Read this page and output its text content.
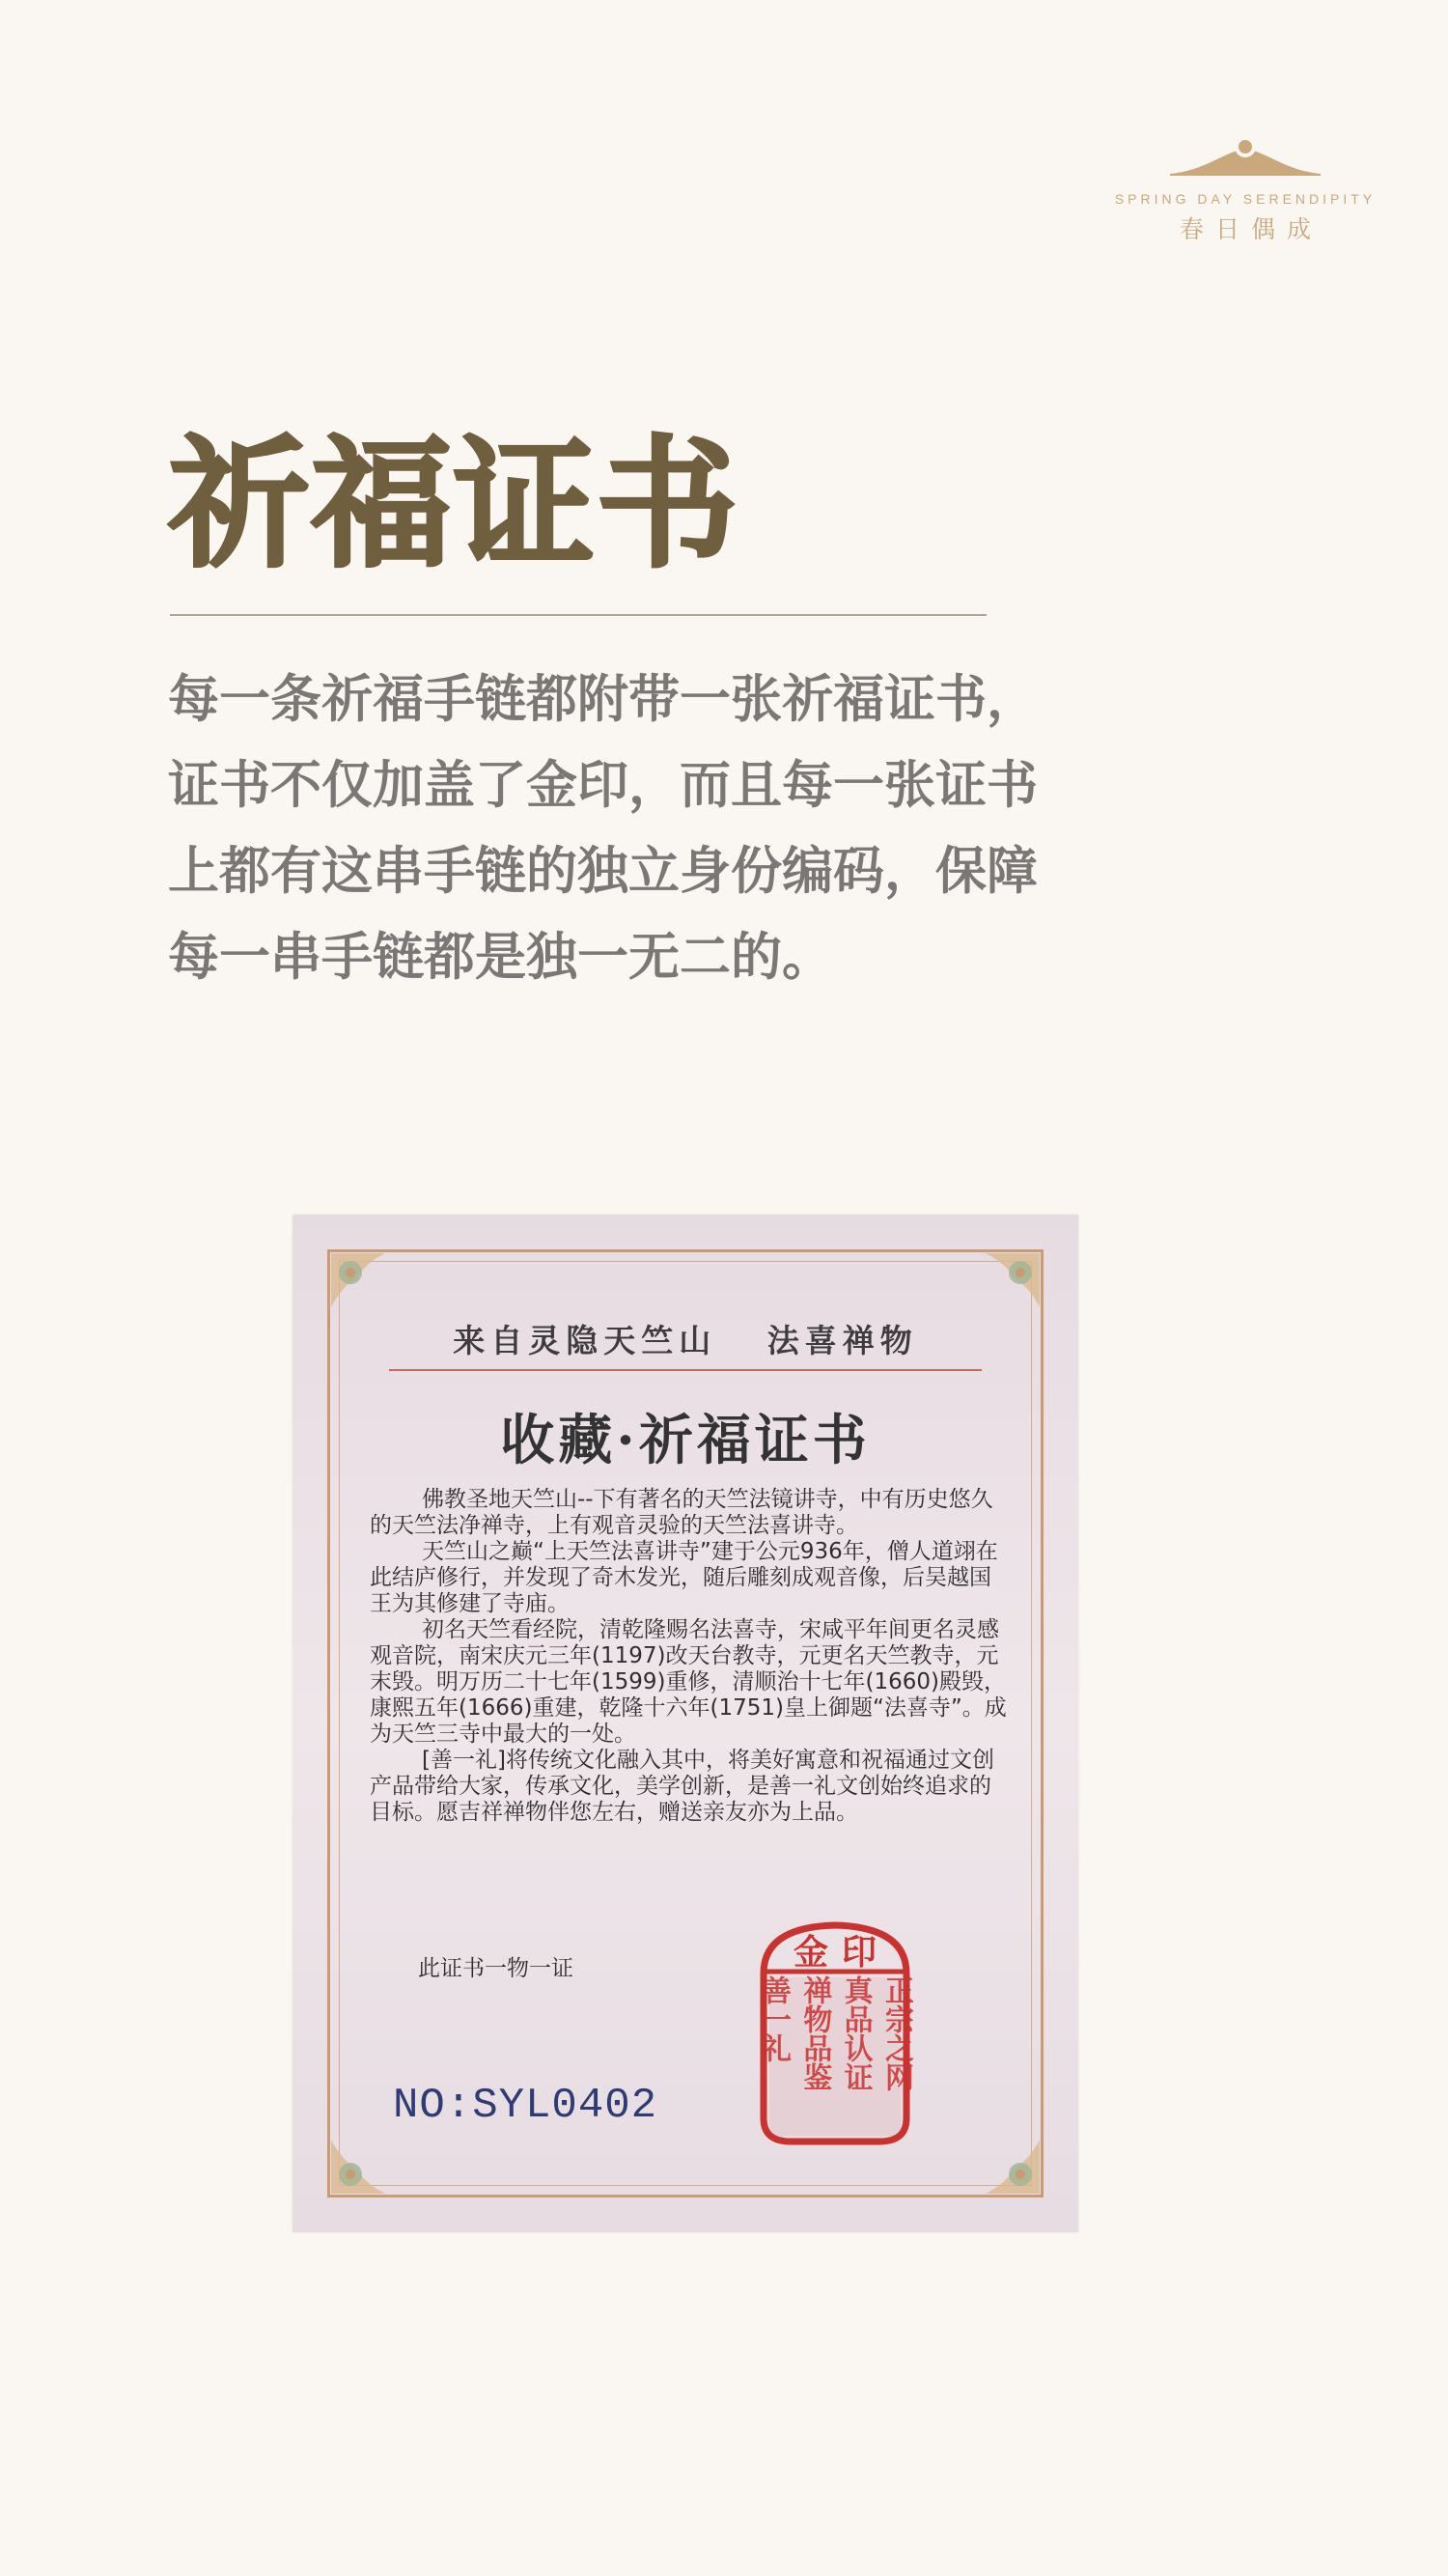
SPRING DAY SERENDIPITY
春日偶成
祈福证书
每一条祈福手链都附带一张祈福证书，
证书不仅加盖了金印，而且每一张证书
上都有这串手链的独立身份编码，保障
每一串手链都是独一无二的。
来自灵隐天竺山   法喜禅物
收藏·祈福证书

佛教圣地天竺山--下有著名的天竺法镜讲寺，中有历史悠久的天竺法净禅寺，上有观音灵验的天竺法喜讲寺。

天竺山之巅“上天竺法喜讲寺”建于公元936年，僧人道翊在此结庐修行，并发现了奇木发光，随后雕刻成观音像，后吴越国王为其修建了寺庙。

初名天竺看经院，清乾隆赐名法喜寺，宋咸平年间更名灵感观音院，南宋庆元三年(1197)改天台教寺，元更名天竺教寺，元末毁。明万历二十七年(1599)重修，清顺治十七年(1660)殿毁，康熙五年(1666)重建，乾隆十六年(1751)皇上御题“法喜寺”。成为天竺三寺中最大的一处。

[善一礼]将传统文化融入其中，将美好寓意和祝福通过文创产品带给大家，传承文化，美学创新，是善一礼文创始终追求的目标。愿吉祥禅物伴您左右，赠送亲友亦为上品。

此证书一物一证
NO:SYL0402
金印
善一礼 禅物品鉴 真品认证 正宗之网
